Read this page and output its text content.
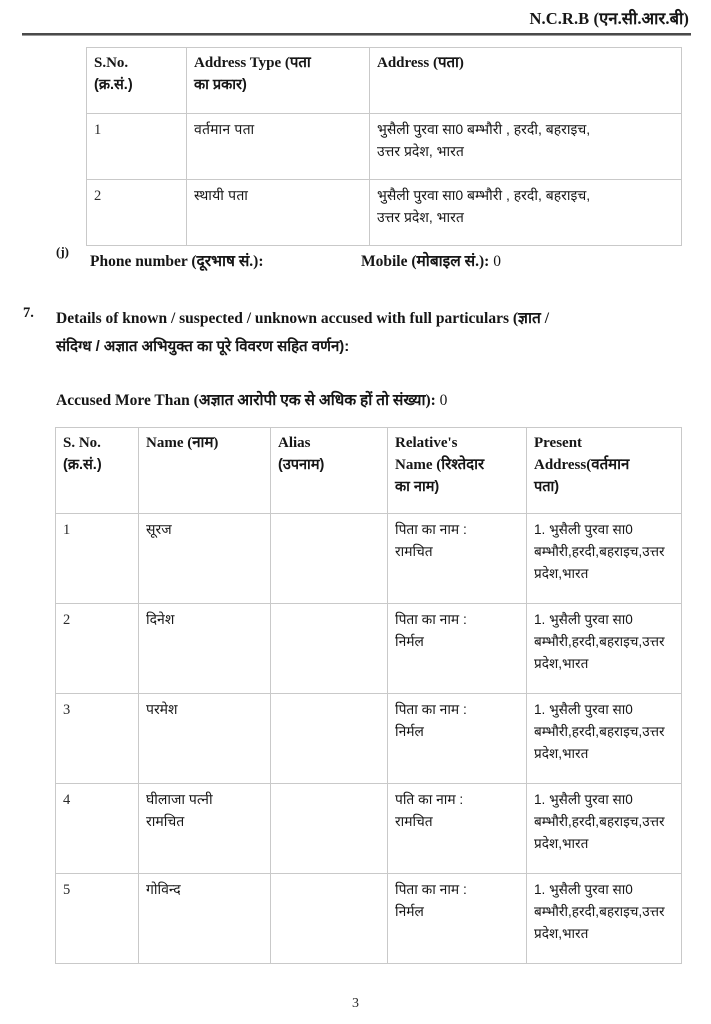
N.C.R.B (एन.सी.आर.बी)
S.No.
(क्र.सं.)	Address Type (पता
का प्रकार)	Address (पता)
1	वर्तमान पता	भुसैली पुरवा सा0 बम्भौरी , हरदी, बहराइच,
उत्तर प्रदेश, भारत
2	स्थायी पता	भुसैली पुरवा सा0 बम्भौरी , हरदी, बहराइच,
उत्तर प्रदेश, भारत
(j)
Phone number (दूरभाष सं.):	Mobile (मोबाइल सं.): 0
7. Details of known / suspected / unknown accused with full particulars (ज्ञात /
संदिग्ध / अज्ञात अभियुक्त का पूरे विवरण सहित वर्णन):
Accused More Than (अज्ञात आरोपी एक से अधिक हों तो संख्या): 0
S. No.
(क्र.सं.)	Name (नाम)	Alias
(उपनाम)	Relative's
Name (रिश्तेदार
का नाम)	Present Address(वर्तमान
पता)
1	सूरज		पिता का नाम :
रामचित	1. भुसैली पुरवा सा0
बम्भौरी,हरदी,बहराइच,उत्तर
प्रदेश,भारत
2	दिनेश		पिता का नाम :
निर्मल	1. भुसैली पुरवा सा0
बम्भौरी,हरदी,बहराइच,उत्तर
प्रदेश,भारत
3	परमेश		पिता का नाम :
निर्मल	1. भुसैली पुरवा सा0
बम्भौरी,हरदी,बहराइच,उत्तर
प्रदेश,भारत
4	घीलाजा पत्नी
रामचित		पति का नाम :
रामचित	1. भुसैली पुरवा सा0
बम्भौरी,हरदी,बहराइच,उत्तर
प्रदेश,भारत
5	गोविन्द		पिता का नाम :
निर्मल	1. भुसैली पुरवा सा0
बम्भौरी,हरदी,बहराइच,उत्तर
प्रदेश,भारत
3
